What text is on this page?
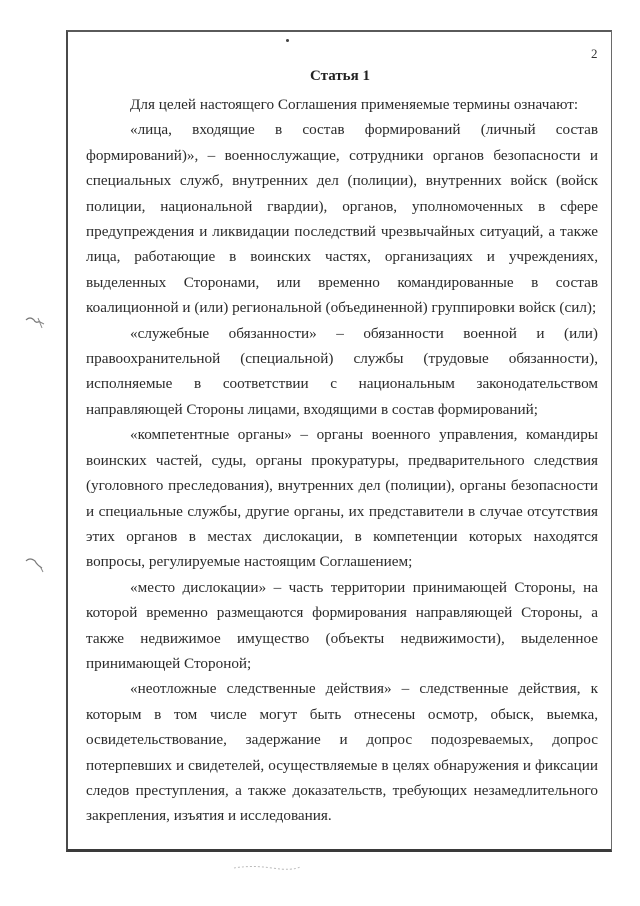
2
Статья 1

Для целей настоящего Соглашения применяемые термины означают:

«лица, входящие в состав формирований (личный состав формирований)», – военнослужащие, сотрудники органов безопасности и специальных служб, внутренних дел (полиции), внутренних войск (войск полиции, национальной гвардии), органов, уполномоченных в сфере предупреждения и ликвидации последствий чрезвычайных ситуаций, а также лица, работающие в воинских частях, организациях и учреждениях, выделенных Сторонами, или временно командированные в состав коалиционной и (или) региональной (объединенной) группировки войск (сил);

«служебные обязанности» – обязанности военной и (или) правоохранительной (специальной) службы (трудовые обязанности), исполняемые в соответствии с национальным законодательством направляющей Стороны лицами, входящими в состав формирований;

«компетентные органы» – органы военного управления, командиры воинских частей, суды, органы прокуратуры, предварительного следствия (уголовного преследования), внутренних дел (полиции), органы безопасности и специальные службы, другие органы, их представители в случае отсутствия этих органов в местах дислокации, в компетенции которых находятся вопросы, регулируемые настоящим Соглашением;

«место дислокации» – часть территории принимающей Стороны, на которой временно размещаются формирования направляющей Стороны, а также недвижимое имущество (объекты недвижимости), выделенное принимающей Стороной;

«неотложные следственные действия» – следственные действия, к которым в том числе могут быть отнесены осмотр, обыск, выемка, освидетельствование, задержание и допрос подозреваемых, допрос потерпевших и свидетелей, осуществляемые в целях обнаружения и фиксации следов преступления, а также доказательств, требующих незамедлительного закрепления, изъятия и исследования.
